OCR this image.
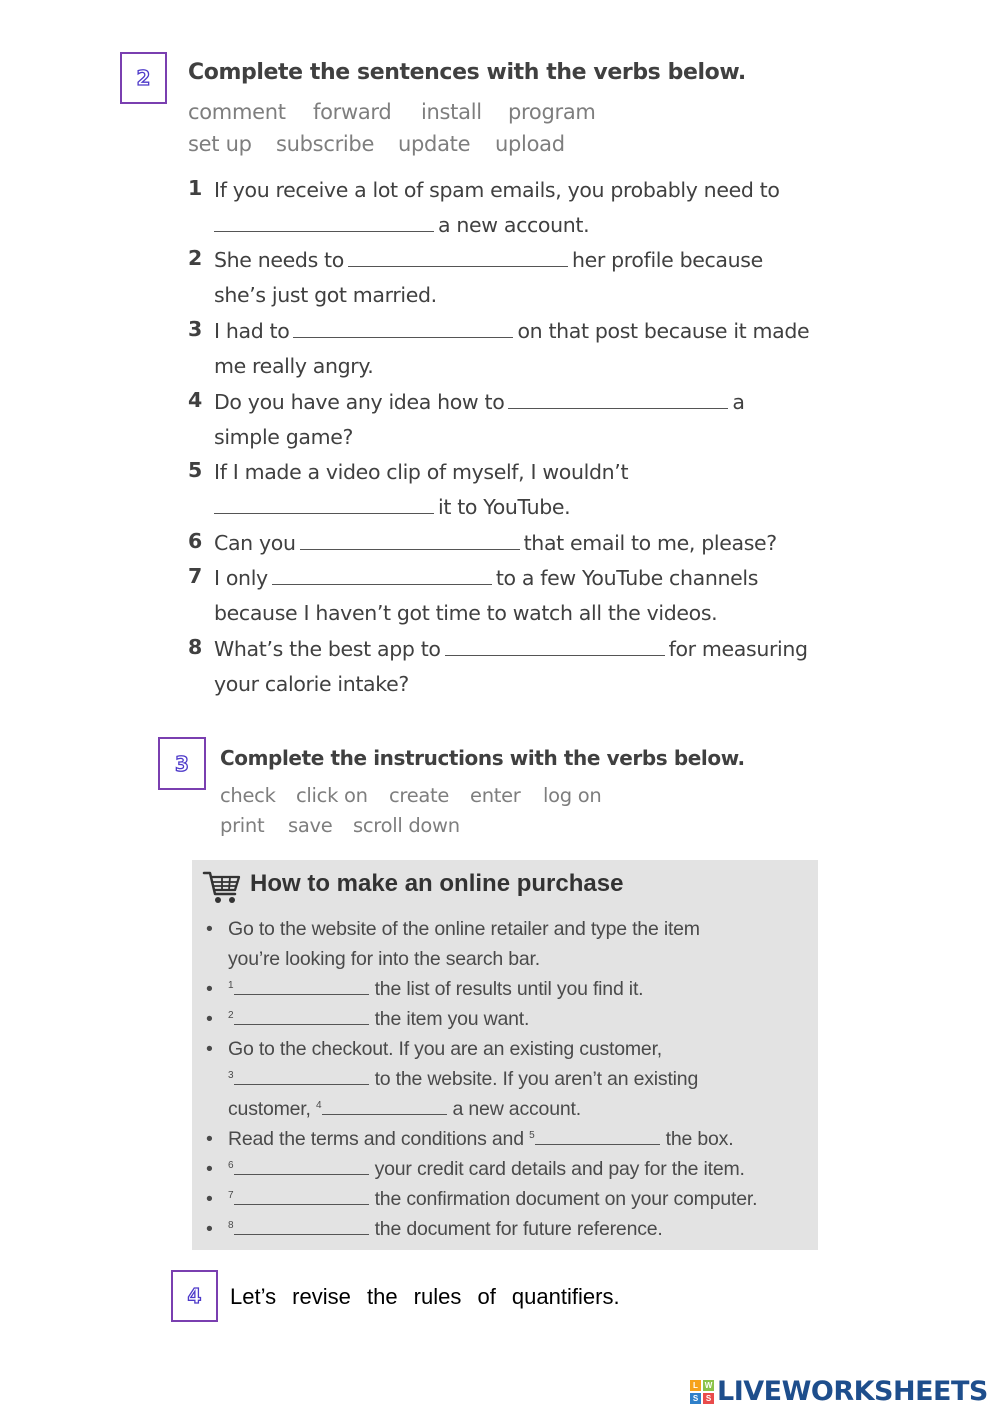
2 Complete the sentences with the verbs below.
comment forward install program
set up subscribe update upload
1 If you receive a lot of spam emails, you probably need to
a new account.
2 She needs to	her profile because
she’s just got married.
3 I had to	on that post because it made
me really angry.
4 Do you have any idea how to	a
simple game?
5 If I made a video clip of myself, I wouldn’t
it to YouTube.
6 Can you	that email to me, please?
7 I only	to a few YouTube channels
because I haven’t got time to watch all the videos.
8 What’s the best app to	for measuring
your calorie intake?
3 Complete the instructions with the verbs below.
check click on create enter log on
print save scroll down
How to make an online purchase
• Go to the website of the online retailer and type the item
you’re looking for into the search bar.
• $^1$	the list of results until you find it.
• $^2$	the item you want.
• Go to the checkout. If you are an existing customer,
$^3$	to the website. If you aren’t an existing
customer, $^4$	a new account.
• Read the terms and conditions and $^5$	the box.
• $^6$	your credit card details and pay for the item.
• $^7$	the confirmation document on your computer.
• $^8$	the document for future reference.
4 Let’s revise the rules of quantifiers.
L W
S S LIVEWORKSHEETS
